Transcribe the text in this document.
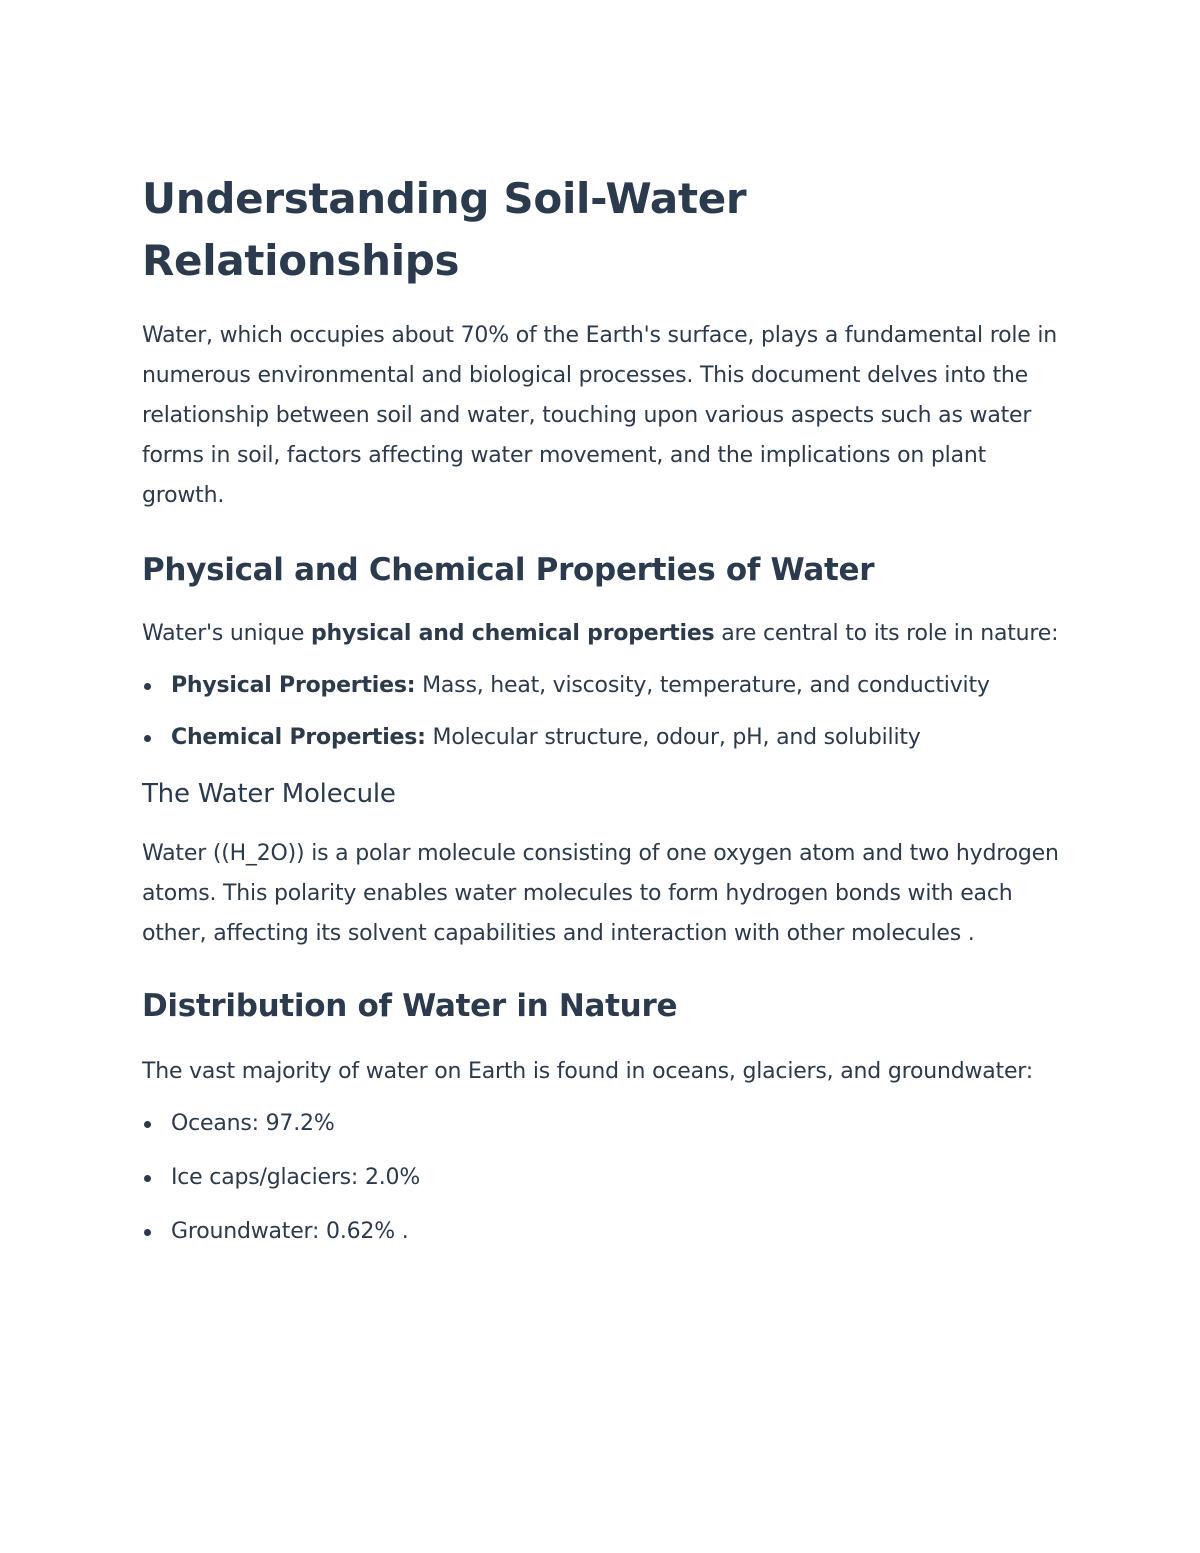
Understanding Soil-Water Relationships

Water, which occupies about 70% of the Earth's surface, plays a fundamental role in numerous environmental and biological processes. This document delves into the relationship between soil and water, touching upon various aspects such as water forms in soil, factors affecting water movement, and the implications on plant growth.

Physical and Chemical Properties of Water

Water's unique physical and chemical properties are central to its role in nature:

Physical Properties: Mass, heat, viscosity, temperature, and conductivity
Chemical Properties: Molecular structure, odour, pH, and solubility
The Water Molecule

Water ((H_2O)) is a polar molecule consisting of one oxygen atom and two hydrogen atoms. This polarity enables water molecules to form hydrogen bonds with each other, affecting its solvent capabilities and interaction with other molecules .

Distribution of Water in Nature

The vast majority of water on Earth is found in oceans, glaciers, and groundwater:

Oceans: 97.2%
Ice caps/glaciers: 2.0%
Groundwater: 0.62% .
